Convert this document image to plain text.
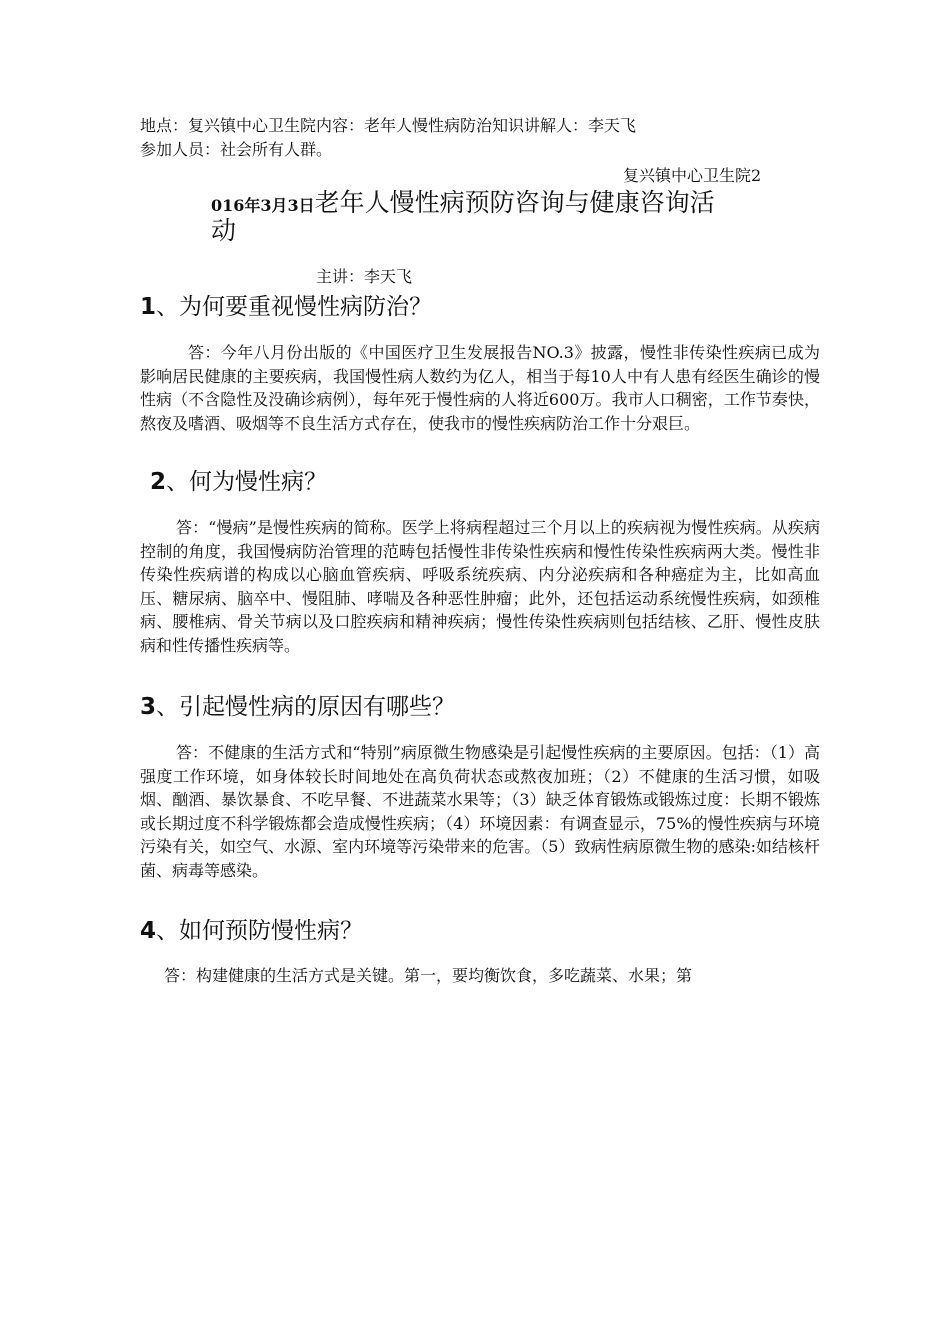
地点：复兴镇中心卫生院内容：老年人慢性病防治知识讲解人：李天飞
参加人员：社会所有人群。
复兴镇中心卫生院2
016年3月3日老年人慢性病预防咨询与健康咨询活
动
主讲：李天飞
1、为何要重视慢性病防治？
答：今年八月份出版的《中国医疗卫生发展报告NO.3》披露，慢性非传染性疾病已成为影响居民健康的主要疾病，我国慢性病人数约为亿人，相当于每10人中有人患有经医生确诊的慢性病（不含隐性及没确诊病例），每年死于慢性病的人将近600万。我市人口稠密，工作节奏快，熬夜及嗜酒、吸烟等不良生活方式存在，使我市的慢性疾病防治工作十分艰巨。
2、何为慢性病？
答：“慢病”是慢性疾病的简称。医学上将病程超过三个月以上的疾病视为慢性疾病。从疾病控制的角度，我国慢病防治管理的范畴包括慢性非传染性疾病和慢性传染性疾病两大类。慢性非传染性疾病谱的构成以心脑血管疾病、呼吸系统疾病、内分泌疾病和各种癌症为主，比如高血压、糖尿病、脑卒中、慢阻肺、哮喘及各种恶性肿瘤；此外，还包括运动系统慢性疾病，如颈椎病、腰椎病、骨关节病以及口腔疾病和精神疾病；慢性传染性疾病则包括结核、乙肝、慢性皮肤病和性传播性疾病等。
3、引起慢性病的原因有哪些？
答：不健康的生活方式和“特别”病原微生物感染是引起慢性疾病的主要原因。包括：（1）高强度工作环境，如身体较长时间地处在高负荷状态或熬夜加班；（2）不健康的生活习惯，如吸烟、酗酒、暴饮暴食、不吃早餐、不进蔬菜水果等；（3）缺乏体育锻炼或锻炼过度：长期不锻炼或长期过度不科学锻炼都会造成慢性疾病；（4）环境因素：有调查显示，75%的慢性疾病与环境污染有关，如空气、水源、室内环境等污染带来的危害。（5）致病性病原微生物的感染:如结核杆菌、病毒等感染。
4、如何预防慢性病？
答：构建健康的生活方式是关键。第一，要均衡饮食，多吃蔬菜、水果；第
